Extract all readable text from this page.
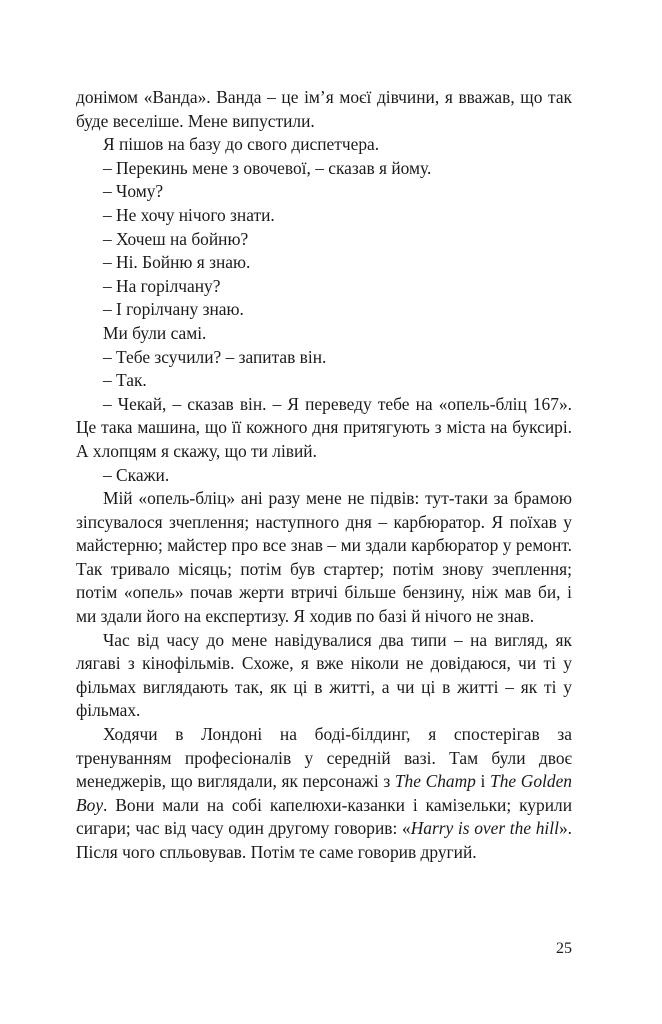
донімом «Ванда». Ванда – це ім’я моєї дівчини, я вважав, що так буде веселіше. Мене випустили.

Я пішов на базу до свого диспетчера.

– Перекинь мене з овочевої, – сказав я йому.

– Чому?

– Не хочу нічого знати.

– Хочеш на бойню?

– Ні. Бойню я знаю.

– На горілчану?

– І горілчану знаю.

Ми були самі.

– Тебе зсучили? – запитав він.

– Так.

– Чекай, – сказав він. – Я переведу тебе на «опель-бліц 167». Це така машина, що її кожного дня притягують з міста на буксирі. А хлопцям я скажу, що ти лівий.

– Скажи.

Мій «опель-бліц» ані разу мене не підвів: тут-таки за брамою зіпсувалося зчеплення; наступного дня – карбюратор. Я поїхав у майстерню; майстер про все знав – ми здали карбюратор у ремонт. Так тривало місяць; потім був стартер; потім знову зчеплення; потім «опель» почав жерти втричі більше бензину, ніж мав би, і ми здали його на експертизу. Я ходив по базі й нічого не знав.

Час від часу до мене навідувалися два типи – на вигляд, як лягаві з кінофільмів. Схоже, я вже ніколи не довідаюся, чи ті у фільмах виглядають так, як ці в житті, а чи ці в житті – як ті у фільмах.

Ходячи в Лондоні на боді-білдинг, я спостерігав за тренуванням професіоналів у середній вазі. Там були двоє менеджерів, що виглядали, як персонажі з The Champ і The Golden Boy. Вони мали на собі капелюхи-казанки і камізельки; курили сигари; час від часу один другому говорив: «Harry is over the hill». Після чого спльовував. Потім те саме говорив другий.

25
